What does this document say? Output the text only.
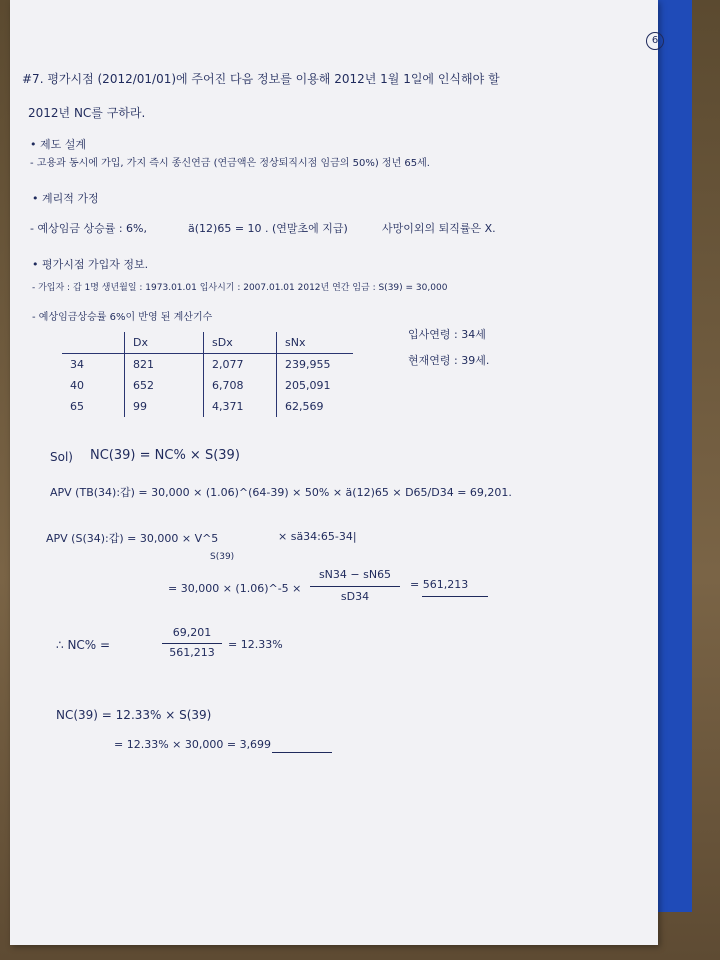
6
#7. 평가시점 (2012/01/01)에 주어진 다음 정보를 이용해 2012년 1월 1일에 인식해야 할
2012년 NC를 구하라.
• 제도 설계
- 고용과 동시에 가입, 가지 즉시 종신연금 (연금액은 정상퇴직시점 임금의 50%) 정년 65세.
• 계리적 가정
- 예상임금 상승률 : 6%,	ä(12)65 = 10 . (연말초에 지급)	사망이외의 퇴직률은 X.
• 평가시점 가입자 정보.
- 가입자 : 갑 1명 생년월일 : 1973.01.01 입사시기 : 2007.01.01 2012년 연간 임금 : S(39) = 30,000
- 예상임금상승률 6%이 반영 된 계산기수
	Dx	sDx	sNx
34	821	2,077	239,955
40	652	6,708	205,091
65	99	4,371	62,569
입사연령 : 34세
현재연령 : 39세.
Sol) NC(39) = NC% × S(39)
APV (TB(34):갑) = 30,000 × (1.06)^(64-39) × 50% × ä(12)65 × D65/D34 = 69,201.
APV (S(34):갑) = 30,000 × V^5
S(39)
× sä34:65-34|
= 30,000 × (1.06)^-5 ×
sN34 − sN65
sD34
= 561,213
∴ NC% =
69,201
561,213
= 12.33%
NC(39) = 12.33% × S(39)
= 12.33% × 30,000 = 3,699
